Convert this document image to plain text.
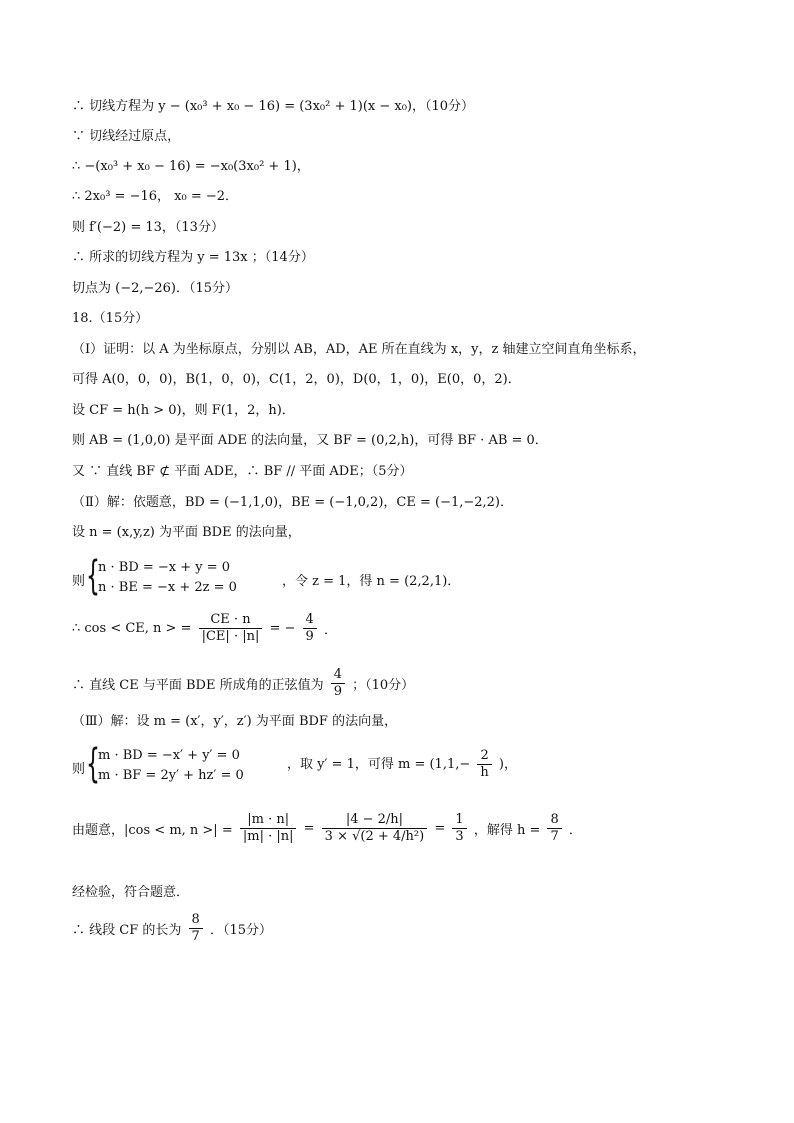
∴ 切线方程为 y − (x₀³ + x₀ − 16) = (3x₀² + 1)(x − x₀)，（10分）
∵ 切线经过原点，
∴ −(x₀³ + x₀ − 16) = −x₀(3x₀² + 1)，
∴ 2x₀³ = −16， x₀ = −2．
则 f′(−2) = 13，（13分）
∴ 所求的切线方程为 y = 13x ；（14分）
切点为 (−2,−26)．（15分）
18.（15分）
（Ⅰ）证明：以 A 为坐标原点，分别以 AB，AD，AE 所在直线为 x，y，z 轴建立空间直角坐标系，
可得 A(0，0，0)，B(1，0，0)，C(1，2，0)，D(0，1，0)，E(0，0，2)．
设 CF = h(h > 0)，则 F(1，2，h)．
则 AB = (1,0,0) 是平面 ADE 的法向量，又 BF = (0,2,h)，可得 BF · AB = 0．
又 ∵ 直线 BF ⊄ 平面 ADE，∴ BF // 平面 ADE；（5分）
（Ⅱ）解：依题意，BD = (−1,1,0)，BE = (−1,0,2)，CE = (−1,−2,2)．
设 n = (x,y,z) 为平面 BDE 的法向量，
则 {
n · BD = −x + y = 0
n · BE = −x + 2z = 0	，令 z = 1，得 n = (2,2,1)．
∴ cos < CE, n > = $\frac{CE \cdot n}{|CE| \cdot |n|}$ = − $\frac{4}{9}$ ．
∴ 直线 CE 与平面 BDE 所成角的正弦值为 $\frac{4}{9}$ ；（10分）
（Ⅲ）解：设 m = (x′，y′，z′) 为平面 BDF 的法向量，
则 {
m · BD = −x′ + y′ = 0
m · BF = 2y′ + hz′ = 0
，取 y′ = 1，可得 $m = (1,1,- \frac{2}{h}$ )，
由题意，|cos < m, n >| = $\frac{|m \cdot n|}{|m| \cdot |n|} = \frac{|4 - 2/h|}{\text{3 × √(2 + 4/h²)}} = \frac{1}{3}$ ，解得 $h = \frac{8}{7}$ ．
经检验，符合题意．
∴ 线段 CF 的长为 $\frac{8}{7}$ ．（15分）
